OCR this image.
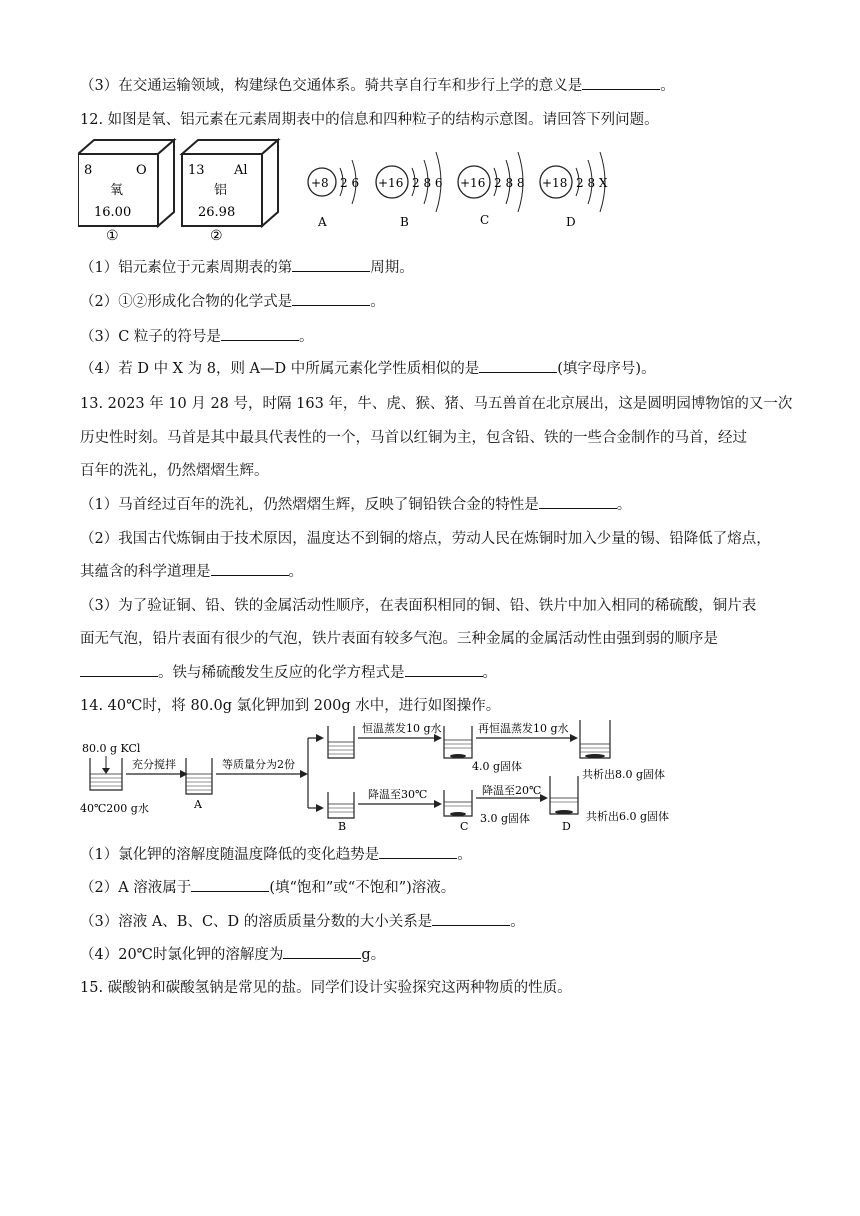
（3）在交通运输领域，构建绿色交通体系。骑共享自行车和步行上学的意义是	。
12. 如图是氧、铝元素在元素周期表中的信息和四种粒子的结构示意图。请回答下列问题。
8	O
氧
16.00
①
13 Al
铝
26.98
②
+8 2 6
A
+16 2 8 6
B
+16 2 8 8
C
+18 2 8 X
D
（1）铝元素位于元素周期表的第	周期。
（2）①②形成化合物的化学式是	。
（3）C 粒子的符号是	。
（4）若 D 中 X 为 8，则 A—D 中所属元素化学性质相似的是	(填字母序号)。
13. 2023 年 10 月 28 号，时隔 163 年，牛、虎、猴、猪、马五兽首在北京展出，这是圆明园博物馆的又一次
历史性时刻。马首是其中最具代表性的一个，马首以红铜为主，包含铅、铁的一些合金制作的马首，经过
百年的洗礼，仍然熠熠生辉。
（1）马首经过百年的洗礼，仍然熠熠生辉，反映了铜铅铁合金的特性是	。
（2）我国古代炼铜由于技术原因，温度达不到铜的熔点，劳动人民在炼铜时加入少量的锡、铅降低了熔点，
其蕴含的科学道理是	。
（3）为了验证铜、铅、铁的金属活动性顺序，在表面积相同的铜、铅、铁片中加入相同的稀硫酸，铜片表
面无气泡，铅片表面有很少的气泡，铁片表面有较多气泡。三种金属的金属活动性由强到弱的顺序是
。铁与稀硫酸发生反应的化学方程式是	。
14. 40℃时，将 80.0g 氯化钾加到 200g 水中，进行如图操作。
80.0 g KCl
40℃200 g水
充分搅拌
A
等质量分为2份
恒温蒸发10 g水
4.0 g固体
再恒温蒸发10 g水
共析出8.0 g固体
B
降温至30℃
3.0 g固体
C
降温至20℃
D
共析出6.0 g固体
（1）氯化钾的溶解度随温度降低的变化趋势是	。
（2）A 溶液属于	(填“饱和”或“不饱和”)溶液。
（3）溶液 A、B、C、D 的溶质质量分数的大小关系是	。
（4）20℃时氯化钾的溶解度为	g。
15. 碳酸钠和碳酸氢钠是常见的盐。同学们设计实验探究这两种物质的性质。
